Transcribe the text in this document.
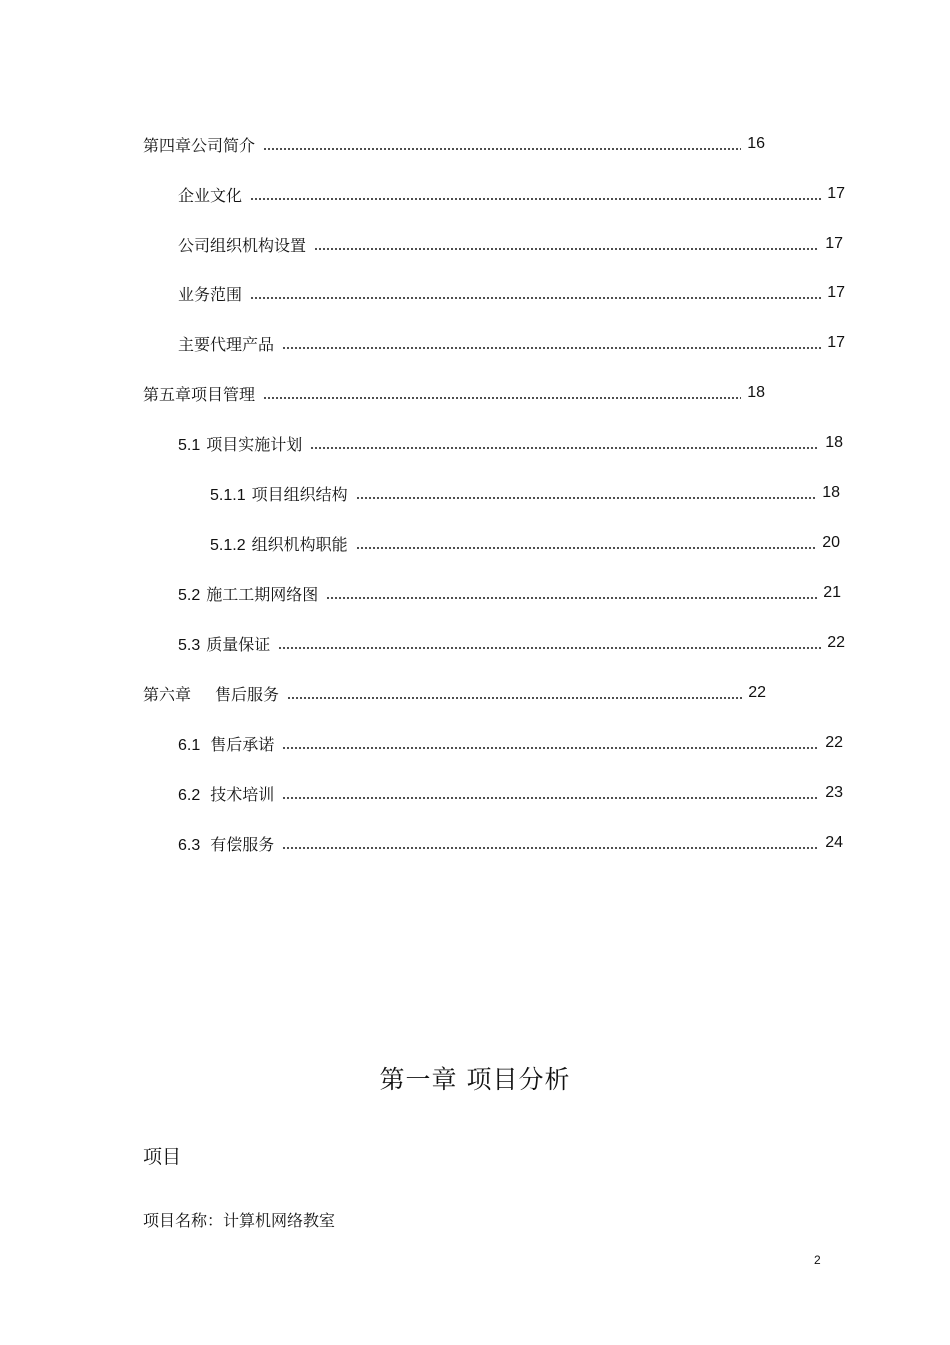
第四章公司简介	16
企业文化	17
公司组织机构设置	17
业务范围	17
主要代理产品	17
第五章项目管理	18
5.1 项目实施计划	18
5.1.1 项目组织结构	18
5.1.2 组织机构职能	20
5.2 施工工期网络图	21
5.3 质量保证	22
第六章 售后服务	22
6.1 售后承诺	22
6.2 技术培训	23
6.3 有偿服务	24
第一章 项目分析
项目
项目名称：计算机网络教室
2
